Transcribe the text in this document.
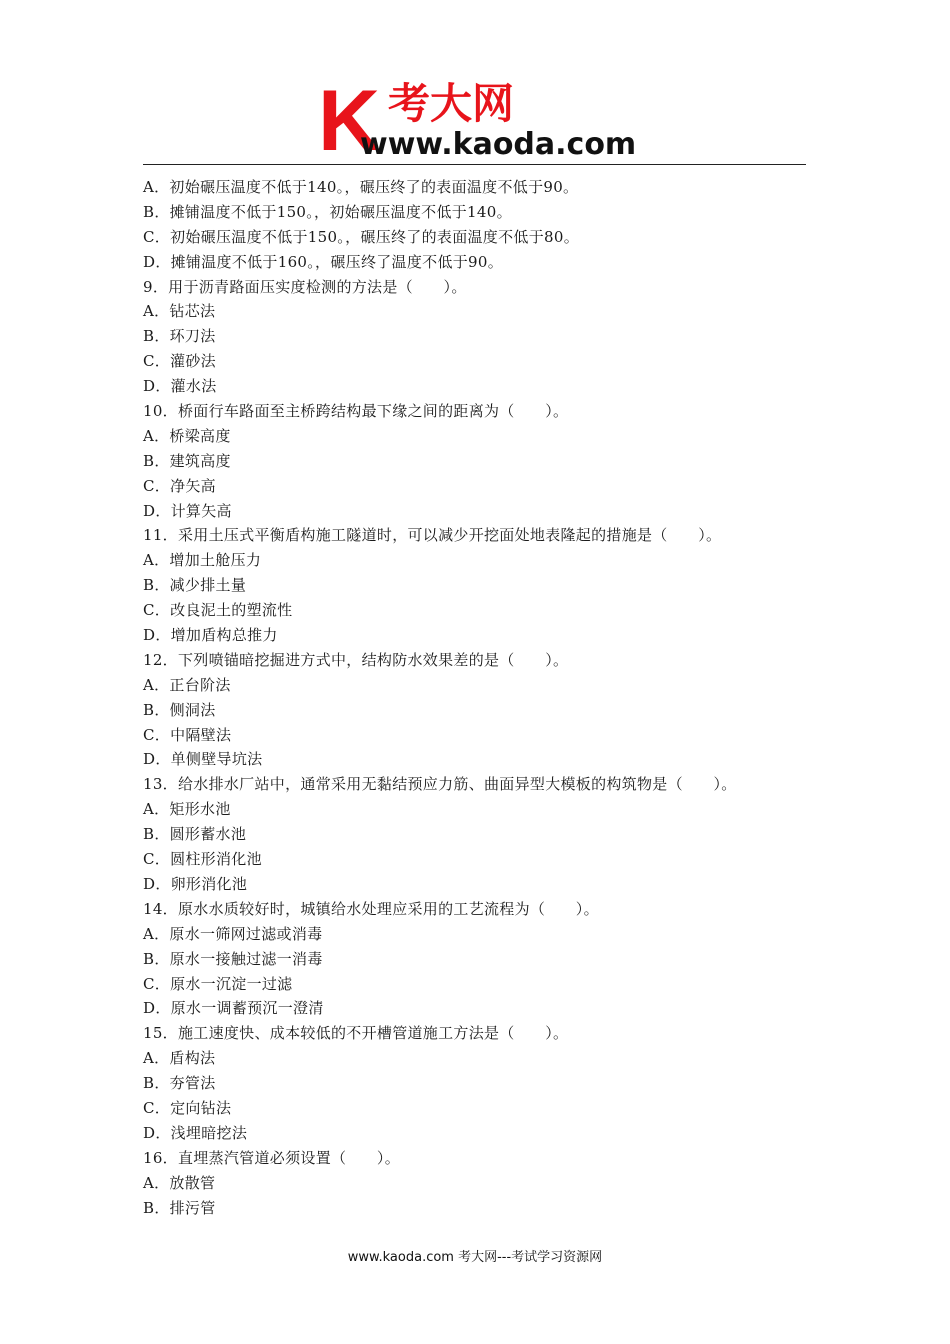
K 考大网
www.kaoda.com
A．初始碾压温度不低于140。，碾压终了的表面温度不低于90。
B．摊铺温度不低于150。，初始碾压温度不低于140。
C．初始碾压温度不低于150。，碾压终了的表面温度不低于80。
D．摊铺温度不低于160。，碾压终了温度不低于90。
9．用于沥青路面压实度检测的方法是（　　）。
A．钻芯法
B．环刀法
C．灌砂法
D．灌水法
10．桥面行车路面至主桥跨结构最下缘之间的距离为（　　）。
A．桥梁高度
B．建筑高度
C．净矢高
D．计算矢高
11．采用土压式平衡盾构施工隧道时，可以减少开挖面处地表隆起的措施是（　　）。
A．增加土舱压力
B．减少排土量
C．改良泥土的塑流性
D．增加盾构总推力
12．下列喷锚暗挖掘进方式中，结构防水效果差的是（　　）。
A．正台阶法
B．侧洞法
C．中隔壁法
D．单侧壁导坑法
13．给水排水厂站中，通常采用无黏结预应力筋、曲面异型大模板的构筑物是（　　）。
A．矩形水池
B．圆形蓄水池
C．圆柱形消化池
D．卵形消化池
14．原水水质较好时，城镇给水处理应采用的工艺流程为（　　）。
A．原水一筛网过滤或消毒
B．原水一接触过滤一消毒
C．原水一沉淀一过滤
D．原水一调蓄预沉一澄清
15．施工速度快、成本较低的不开槽管道施工方法是（　　）。
A．盾构法
B．夯管法
C．定向钻法
D．浅埋暗挖法
16．直埋蒸汽管道必须设置（　　）。
A．放散管
B．排污管
www.kaoda.com 考大网---考试学习资源网
